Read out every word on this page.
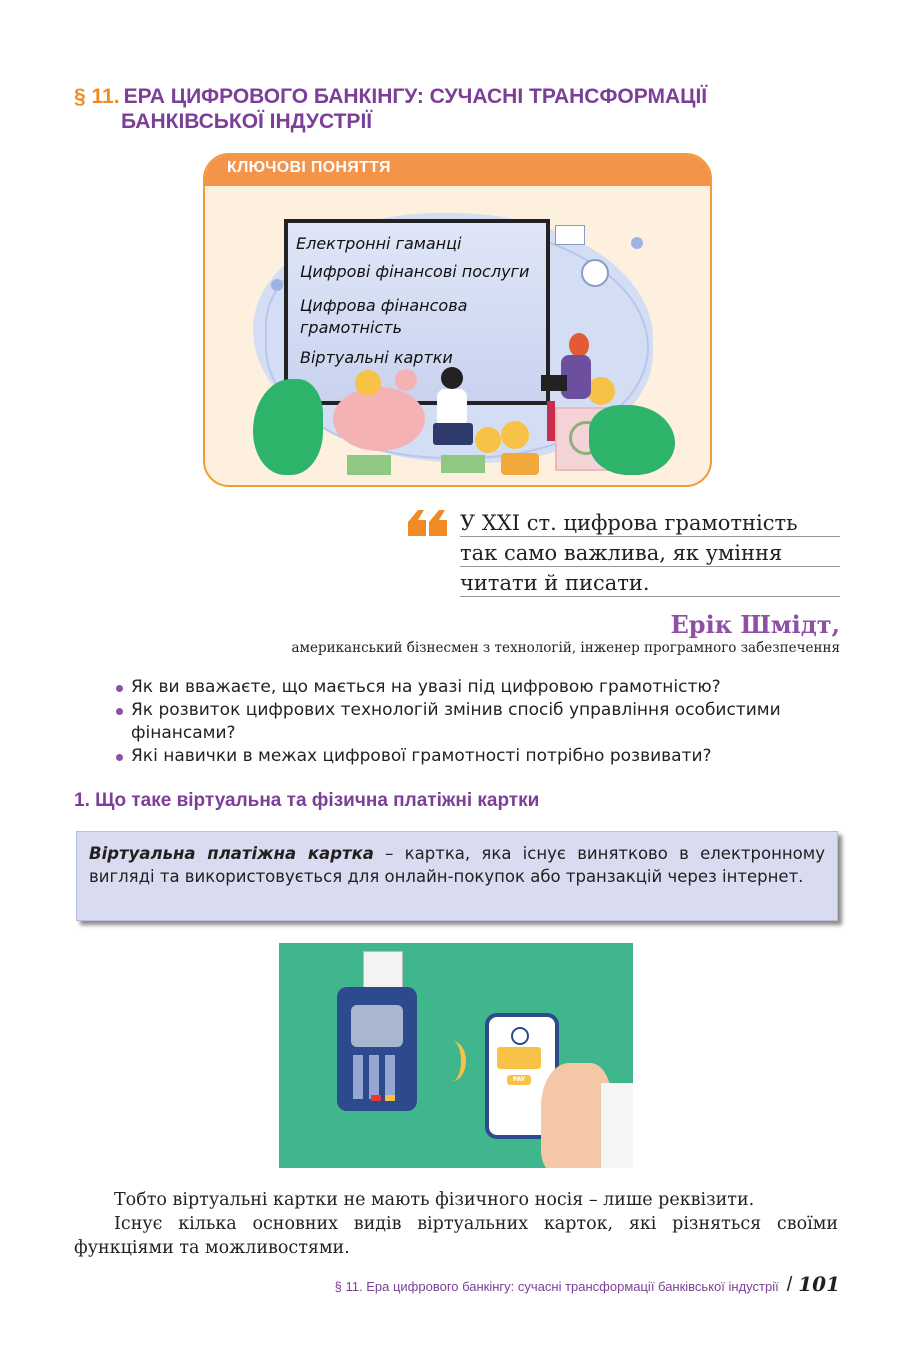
§ 11. ЕРА ЦИФРОВОГО БАНКІНГУ: СУЧАСНІ ТРАНСФОРМАЦІЇ
БАНКІВСЬКОЇ ІНДУСТРІЇ
КЛЮЧОВІ ПОНЯТТЯ
Електронні гаманці
Цифрові фінансові послуги
Цифрова фінансова
грамотність
Віртуальні картки
У XXI ст. цифрова грамотність
так само важлива, як уміння
читати й писати.
Ерік Шмідт,
американський бізнесмен з технологій, інженер програмного забезпечення
Як ви вважаєте, що мається на увазі під цифровою грамотністю?
Як розвиток цифрових технологій змінив спосіб управління особистими фінансами?
Які навички в межах цифрової грамотності потрібно розвивати?
1. Що таке віртуальна та фізична платіжні картки
Віртуальна платіжна картка – картка, яка існує винятково в електронному вигляді та використовується для онлайн-покупок або транзакцій через інтернет.
PAY

Тобто віртуальні картки не мають фізичного носія – лише реквізити.

Існує кілька основних видів віртуальних карток, які різняться своїми функціями та можливостями.

§ 11. Ера цифрового банкінгу: сучасні трансформації банківської індустрії / 101
